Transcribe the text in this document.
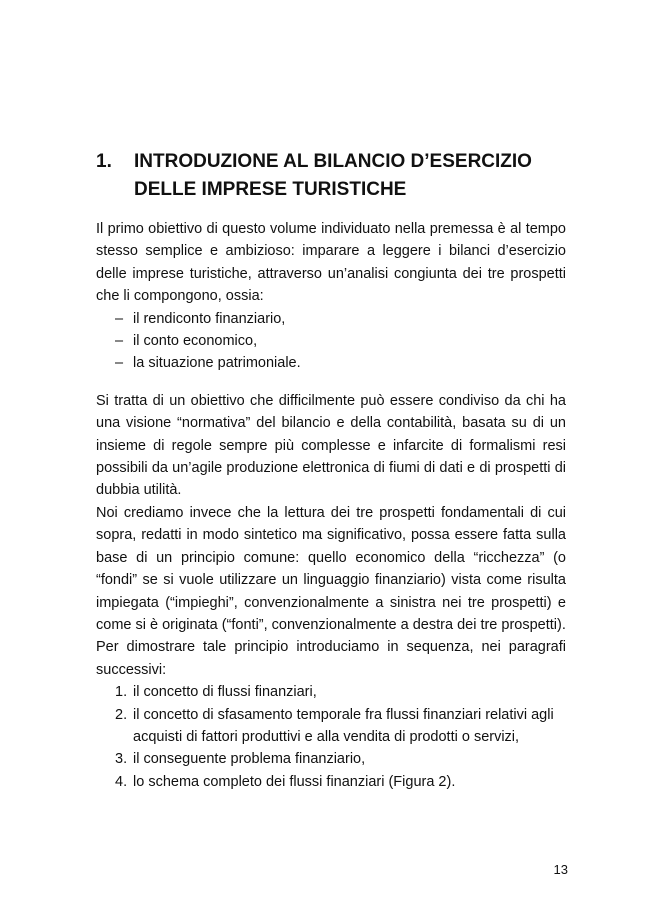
1. INTRODUZIONE AL BILANCIO D’ESERCIZIO
DELLE IMPRESE TURISTICHE

Il primo obiettivo di questo volume individuato nella premessa è al tempo stesso semplice e ambizioso: imparare a leggere i bilanci d’esercizio delle imprese turistiche, attraverso un’analisi congiunta dei tre prospetti che li compongono, ossia:

– il rendiconto finanziario,
– il conto economico,
– la situazione patrimoniale.

Si tratta di un obiettivo che difficilmente può essere condiviso da chi ha una visione “normativa” del bilancio e della contabilità, basata su di un insieme di regole sempre più complesse e infarcite di formalismi resi possibili da un’agile produzione elettronica di fiumi di dati e di prospetti di dubbia utilità.

Noi crediamo invece che la lettura dei tre prospetti fondamentali di cui sopra, redatti in modo sintetico ma significativo, possa essere fatta sulla base di un principio comune: quello economico della “ricchezza” (o “fondi” se si vuole utilizzare un linguaggio finanziario) vista come risulta impiegata (“impieghi”, convenzionalmente a sinistra nei tre prospetti) e come si è originata (“fonti”, convenzionalmente a destra dei tre prospetti).

Per dimostrare tale principio introduciamo in sequenza, nei paragrafi successivi:

1. il concetto di flussi finanziari,
2. il concetto di sfasamento temporale fra flussi finanziari relativi agli acquisti di fattori produttivi e alla vendita di prodotti o servizi,
3. il conseguente problema finanziario,
4. lo schema completo dei flussi finanziari (Figura 2).
13
